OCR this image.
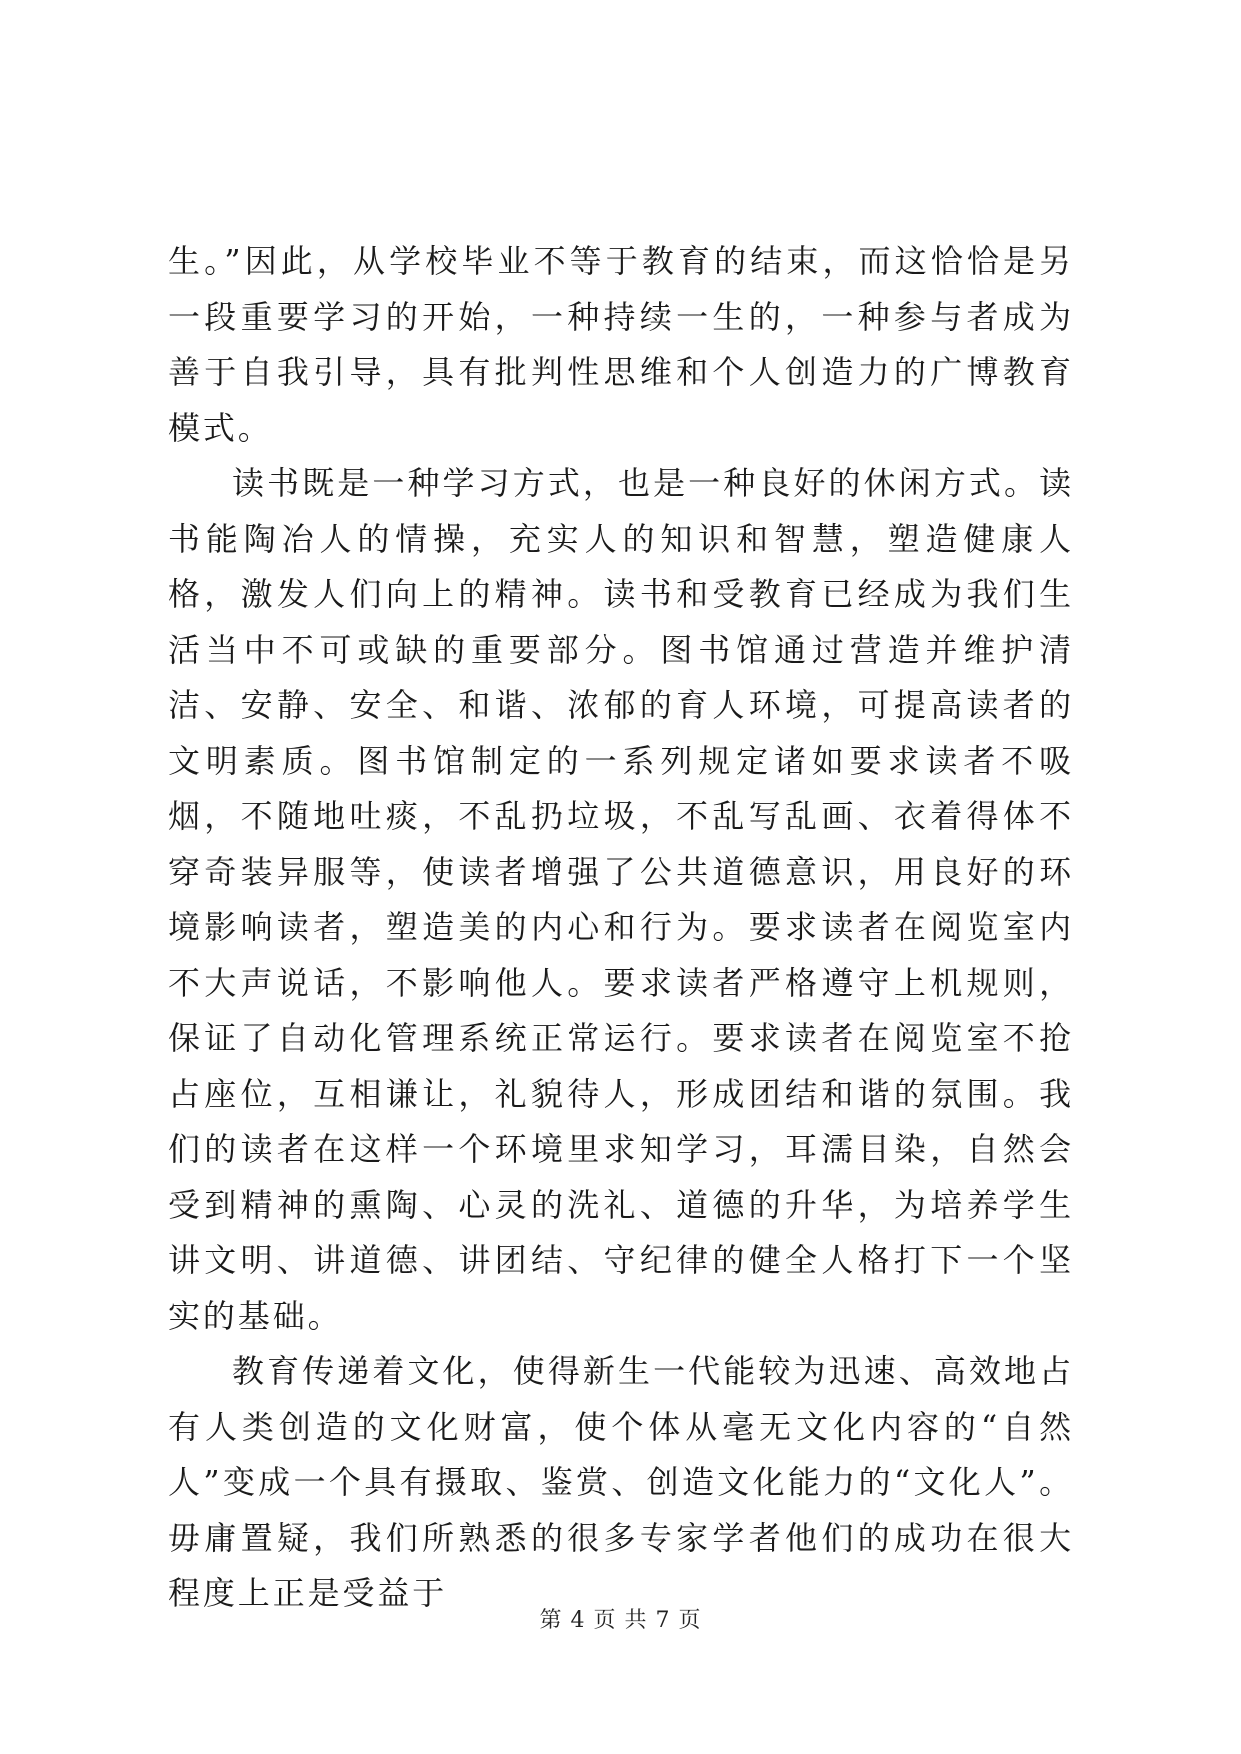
生。”因此，从学校毕业不等于教育的结束，而这恰恰是另一段重要学习的开始，一种持续一生的，一种参与者成为善于自我引导，具有批判性思维和个人创造力的广博教育模式。

读书既是一种学习方式，也是一种良好的休闲方式。读书能陶冶人的情操，充实人的知识和智慧，塑造健康人格，激发人们向上的精神。读书和受教育已经成为我们生活当中不可或缺的重要部分。图书馆通过营造并维护清洁、安静、安全、和谐、浓郁的育人环境，可提高读者的文明素质。图书馆制定的一系列规定诸如要求读者不吸烟，不随地吐痰，不乱扔垃圾，不乱写乱画、衣着得体不穿奇装异服等，使读者增强了公共道德意识，用良好的环境影响读者，塑造美的内心和行为。要求读者在阅览室内不大声说话，不影响他人。要求读者严格遵守上机规则，保证了自动化管理系统正常运行。要求读者在阅览室不抢占座位，互相谦让，礼貌待人，形成团结和谐的氛围。我们的读者在这样一个环境里求知学习，耳濡目染，自然会受到精神的熏陶、心灵的洗礼、道德的升华，为培养学生讲文明、讲道德、讲团结、守纪律的健全人格打下一个坚实的基础。

教育传递着文化，使得新生一代能较为迅速、高效地占有人类创造的文化财富，使个体从毫无文化内容的“自然人”变成一个具有摄取、鉴赏、创造文化能力的“文化人”。毋庸置疑，我们所熟悉的很多专家学者他们的成功在很大程度上正是受益于

第 4 页 共 7 页
